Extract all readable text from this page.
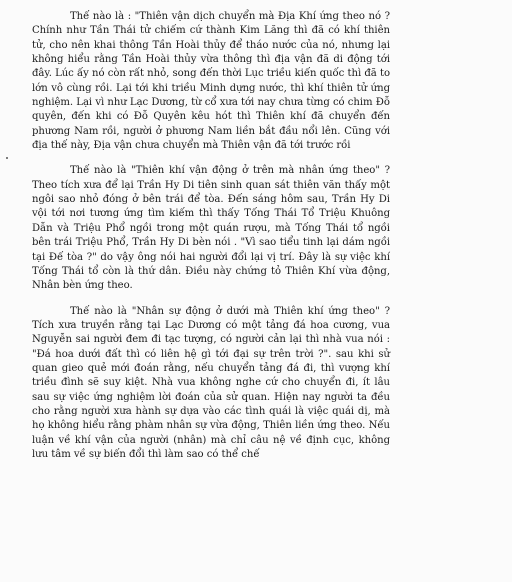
Thế nào là : "Thiên vận dịch chuyển mà Địa Khí ứng theo nó ? Chính như Tần Thái tử chiếm cứ thành Kim Lăng thì đã có khí thiên tử, cho nên khai thông Tần Hoài thủy để tháo nước của nó, nhưng lại không hiểu rằng Tần Hoài thủy vừa thông thì địa vận đã di động tới đây. Lúc ấy nó còn rất nhỏ, song đến thời Lục triều kiến quốc thì đã to lớn vô cùng rồi. Lại tới khi triều Minh dựng nước, thì khí thiên tử ứng nghiệm. Lại vì như Lạc Dương, từ cổ xưa tới nay chưa từng có chim Đỗ quyên, đến khi có Đỗ Quyên kêu hót thì Thiên khí đã chuyển đến phương Nam rồi, người ở phương Nam liền bắt đầu nổi lên. Cũng với địa thế này, Địa vận chưa chuyển mà Thiên vận đã tới trước rồi

Thế nào là "Thiên khí vận động ở trên mà nhân ứng theo" ? Theo tích xưa để lại Trần Hy Di tiên sinh quan sát thiên văn thấy một ngôi sao nhỏ đóng ở bên trái để tòa. Đến sáng hôm sau, Trần Hy Di vội tới nơi tương ứng tìm kiếm thì thấy Tống Thái Tổ Triệu Khuông Dẫn và Triệu Phổ ngồi trong một quán rượu, mà Tống Thái tổ ngồi bên trái Triệu Phổ, Trần Hy Di bèn nói . "Vì sao tiểu tinh lại dám ngồi tại Đế tòa ?" do vậy ông nói hai người đổi lại vị trí. Đây là sự việc khí Tống Thái tổ còn là thứ dân. Điều này chứng tỏ Thiên Khí vừa động, Nhân bèn ứng theo.

Thế nào là "Nhân sự động ở dưới mà Thiên khí ứng theo" ? Tích xưa truyền rằng tại Lạc Dương có một tảng đá hoa cương, vua Nguyễn sai người đem đi tạc tượng, có người cản lại thì nhà vua nói : "Đá hoa dưới đất thì có liên hệ gì tới đại sự trên trời ?". sau khi sử quan gieo quẻ mới đoán rằng, nếu chuyển tảng đá đi, thì vượng khí triều đình sẽ suy kiệt. Nhà vua không nghe cứ cho chuyển đi, ít lâu sau sự việc ứng nghiệm lời đoán của sử quan. Hiện nay người ta đều cho rằng người xưa hành sự dựa vào các tình quái là việc quái dị, mà họ không hiểu rằng phàm nhân sự vừa động, Thiên liền ứng theo. Nếu luận về khí vận của người (nhân) mà chỉ câu nệ về định cục, không lưu tâm về sự biến đổi thì làm sao có thể chế
